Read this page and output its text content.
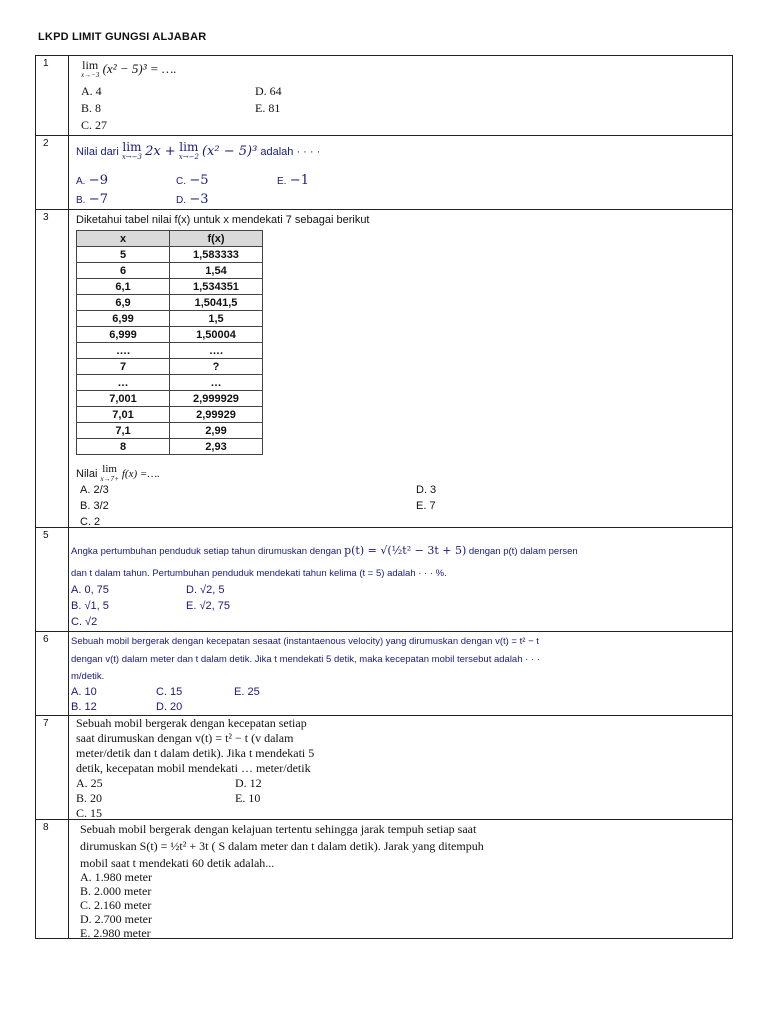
LKPD LIMIT GUNGSI ALJABAR
1	lim
x→−3 (x² − 5)³ = ….
A. 4
B. 8
C. 27
D. 64
E. 81
2
Nilai dari lim
x→−3 2x + lim
x→−2 (x² − 5)³ adalah · · · ·
A. −9
B. −7
C. −5
D. −3
E. −1
3 Diketahui tabel nilai f(x) untuk x mendekati 7 sebagai berikut
x	f(x)
5	1,583333
6	1,54
6,1	1,534351
6,9	1,5041,5
6,99	1,5
6,999	1,50004
….	….
7	?
…	…
7,001	2,999929
7,01	2,99929
7,1	2,99
8	2,93
Nilai lim
x→7+ f(x) =….
A. 2/3
B. 3/2
C. 2
D. 3
E. 7
5
Angka pertumbuhan penduduk setiap tahun dirumuskan dengan p(t) = √(½t² − 3t + 5) dengan p(t) dalam persen
dan t dalam tahun. Pertumbuhan penduduk mendekati tahun kelima (t = 5) adalah · · · %.
A. 0, 75
B. √1, 5
C. √2
D. √2, 5
E. √2, 75
6 Sebuah mobil bergerak dengan kecepatan sesaat (instantaenous velocity) yang dirumuskan dengan v(t) = t² − t
dengan v(t) dalam meter dan t dalam detik. Jika t mendekati 5 detik, maka kecepatan mobil tersebut adalah · · ·
m/detik.
A. 10
B. 12
C. 15
D. 20
E. 25
7 Sebuah mobil bergerak dengan kecepatan setiap
saat dirumuskan dengan v(t) = t² − t (v dalam
meter/detik dan t dalam detik). Jika t mendekati 5
detik, kecepatan mobil mendekati … meter/detik
A. 25
B. 20
C. 15
D. 12
E. 10
8	Sebuah mobil bergerak dengan kelajuan tertentu sehingga jarak tempuh setiap saat
dirumuskan S(t) = ½t² + 3t ( S dalam meter dan t dalam detik). Jarak yang ditempuh
mobil saat t mendekati 60 detik adalah...
A. 1.980 meter
B. 2.000 meter
C. 2.160 meter
D. 2.700 meter
E. 2.980 meter
